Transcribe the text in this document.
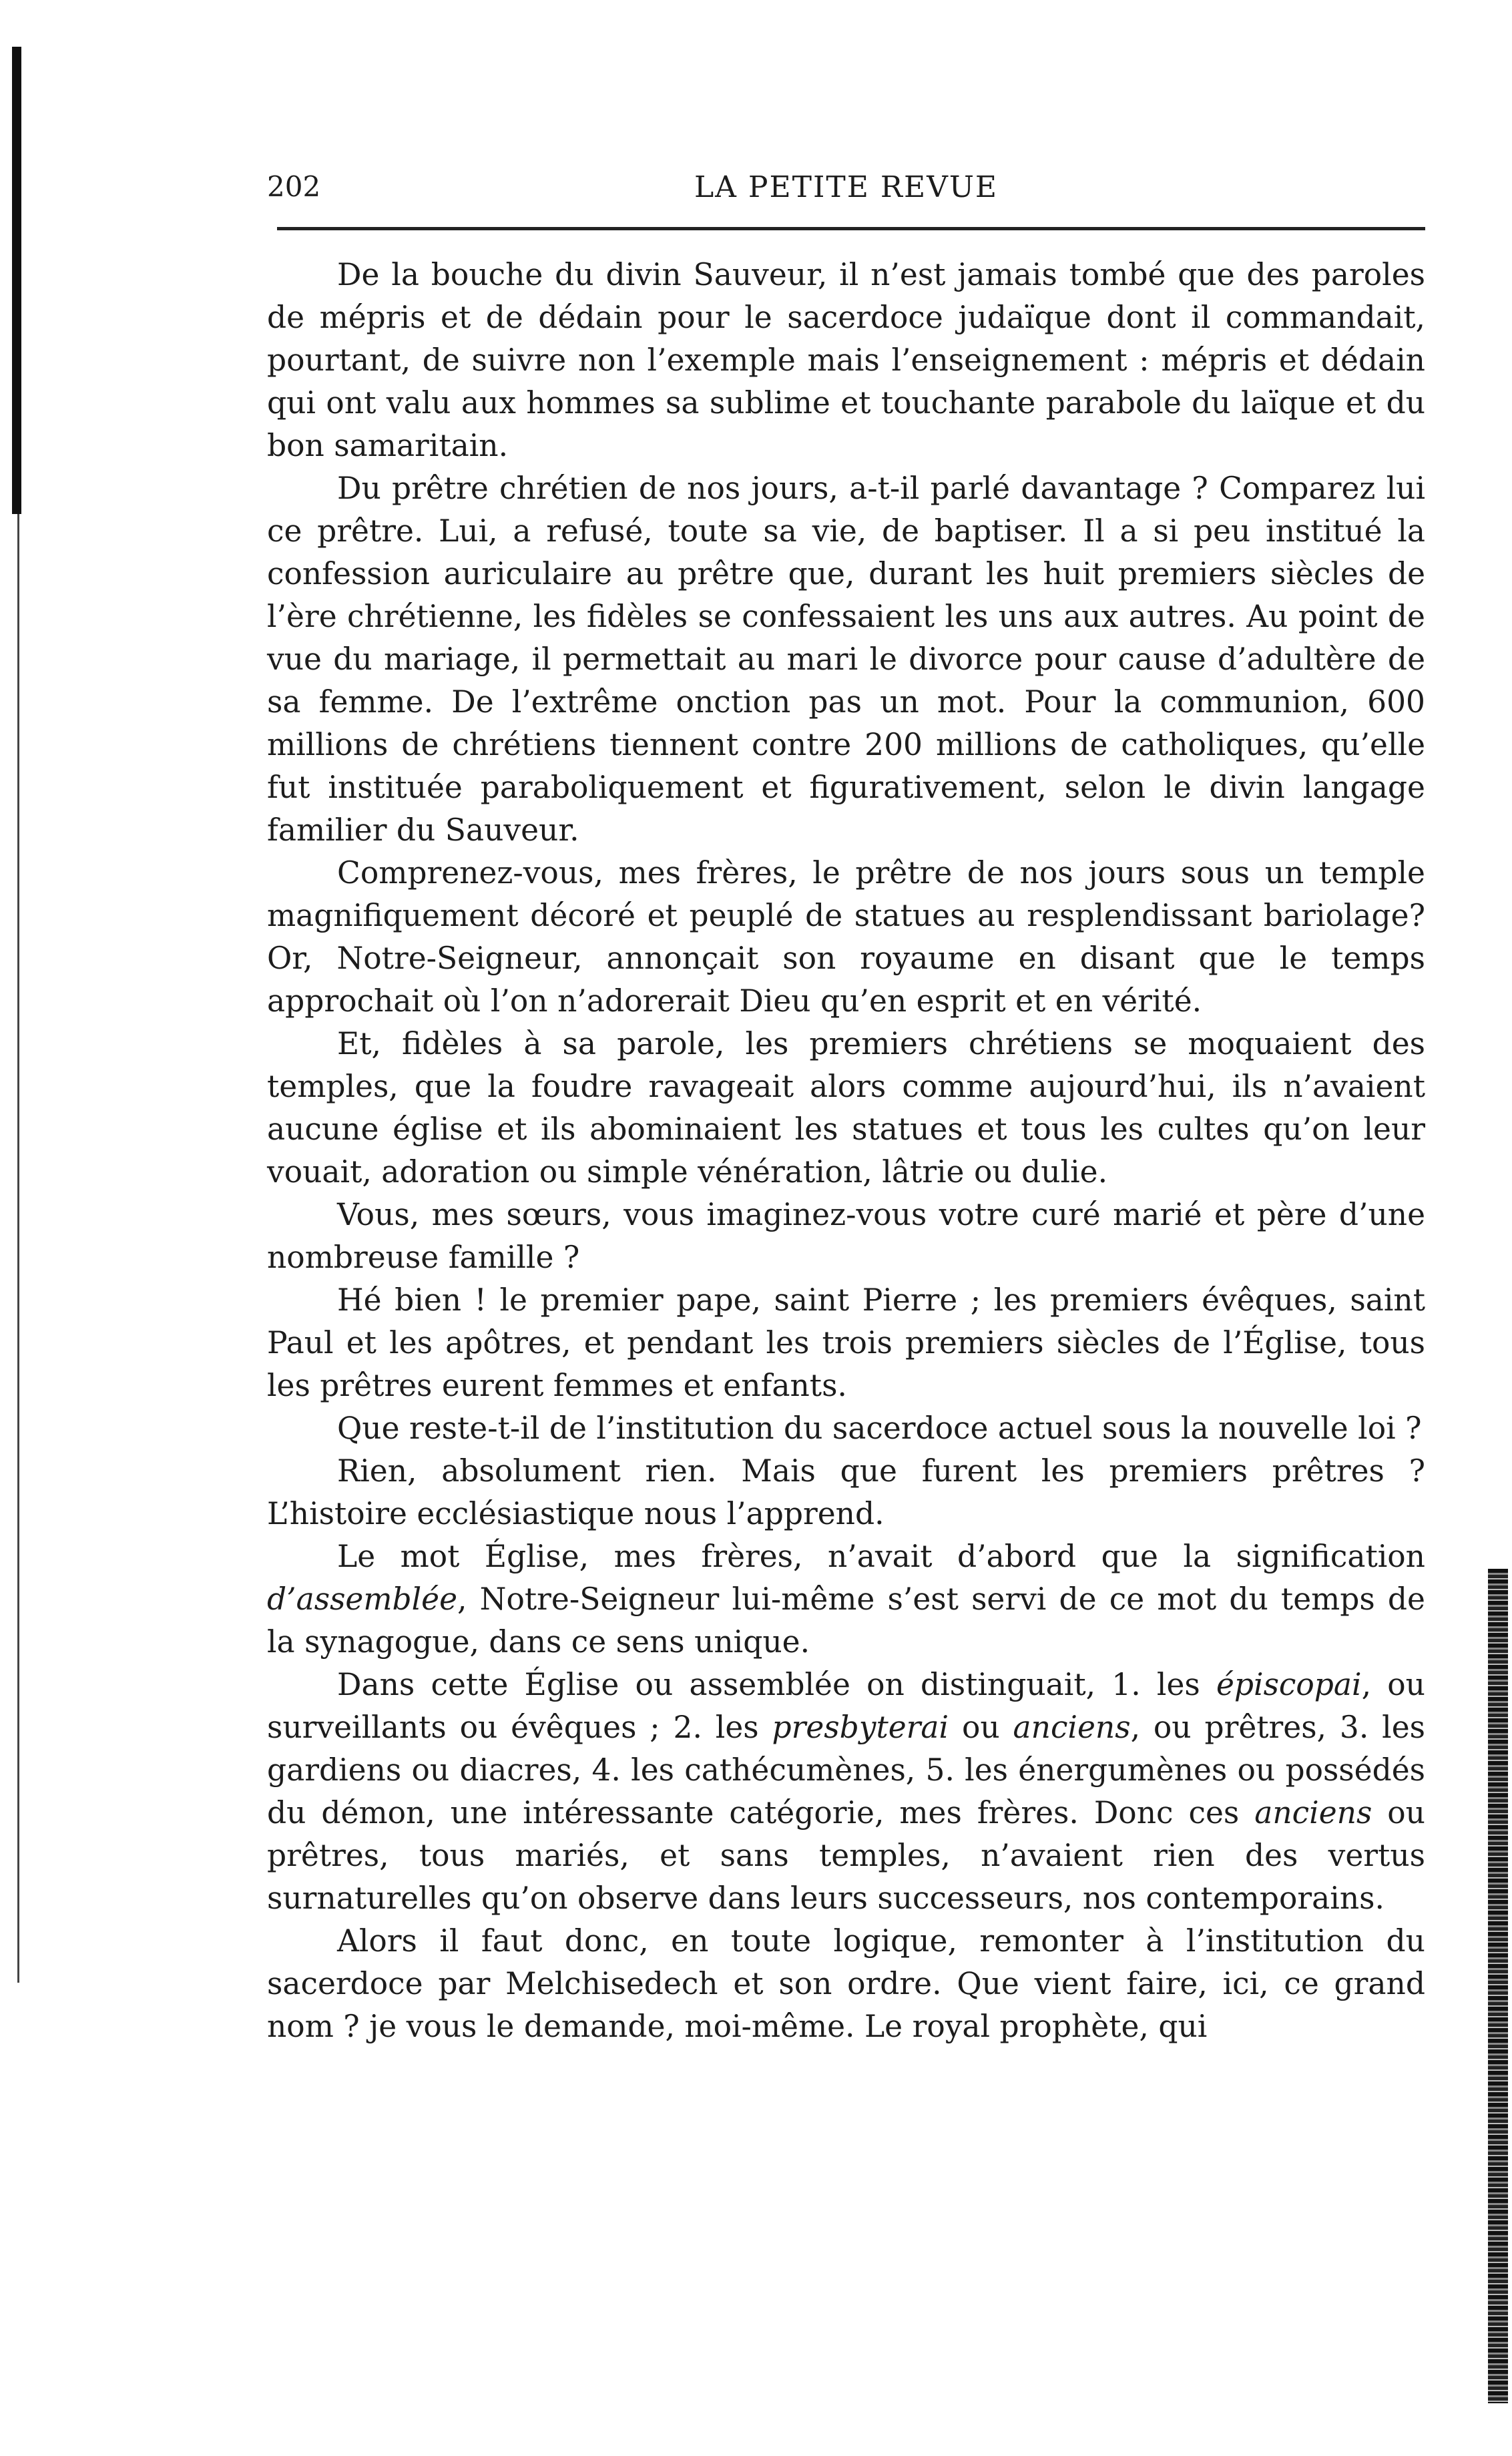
202	LA PETITE REVUE

De la bouche du divin Sauveur, il n’est jamais tombé que des paroles de mépris et de dédain pour le sacerdoce judaïque dont il commandait, pourtant, de suivre non l’exemple mais l’enseignement : mépris et dédain qui ont valu aux hommes sa sublime et touchante parabole du laïque et du bon samaritain.

Du prêtre chrétien de nos jours, a-t-il parlé davantage ? Comparez lui ce prêtre. Lui, a refusé, toute sa vie, de baptiser. Il a si peu institué la confession auriculaire au prêtre que, durant les huit premiers siècles de l’ère chrétienne, les fidèles se confessaient les uns aux autres. Au point de vue du mariage, il permettait au mari le divorce pour cause d’adultère de sa femme. De l’extrême onction pas un mot. Pour la communion, 600 millions de chrétiens tiennent contre 200 millions de catholiques, qu’elle fut instituée paraboliquement et figurativement, selon le divin langage familier du Sauveur.

Comprenez-vous, mes frères, le prêtre de nos jours sous un temple magnifiquement décoré et peuplé de statues au resplendissant bariolage? Or, Notre-Seigneur, annonçait son royaume en disant que le temps approchait où l’on n’adorerait Dieu qu’en esprit et en vérité.

Et, fidèles à sa parole, les premiers chrétiens se moquaient des temples, que la foudre ravageait alors comme aujourd’hui, ils n’avaient aucune église et ils abominaient les statues et tous les cultes qu’on leur vouait, adoration ou simple vénération, lâtrie ou dulie.

Vous, mes sœurs, vous imaginez-vous votre curé marié et père d’une nombreuse famille ?

Hé bien ! le premier pape, saint Pierre ; les premiers évêques, saint Paul et les apôtres, et pendant les trois premiers siècles de l’Église, tous les prêtres eurent femmes et enfants.

Que reste-t-il de l’institution du sacerdoce actuel sous la nouvelle loi ?

Rien, absolument rien. Mais que furent les premiers prêtres ? L’histoire ecclésiastique nous l’apprend.

Le mot Église, mes frères, n’avait d’abord que la signification d’assemblée, Notre-Seigneur lui-même s’est servi de ce mot du temps de la synagogue, dans ce sens unique.

Dans cette Église ou assemblée on distinguait, 1. les épiscopai, ou surveillants ou évêques ; 2. les presbyterai ou anciens, ou prêtres, 3. les gardiens ou diacres, 4. les cathécumènes, 5. les énergumènes ou possédés du démon, une intéressante catégorie, mes frères. Donc ces anciens ou prêtres, tous mariés, et sans temples, n’avaient rien des vertus surnaturelles qu’on observe dans leurs successeurs, nos contemporains.

Alors il faut donc, en toute logique, remonter à l’institution du sacerdoce par Melchisedech et son ordre. Que vient faire, ici, ce grand nom ? je vous le demande, moi-même. Le royal prophète, qui
